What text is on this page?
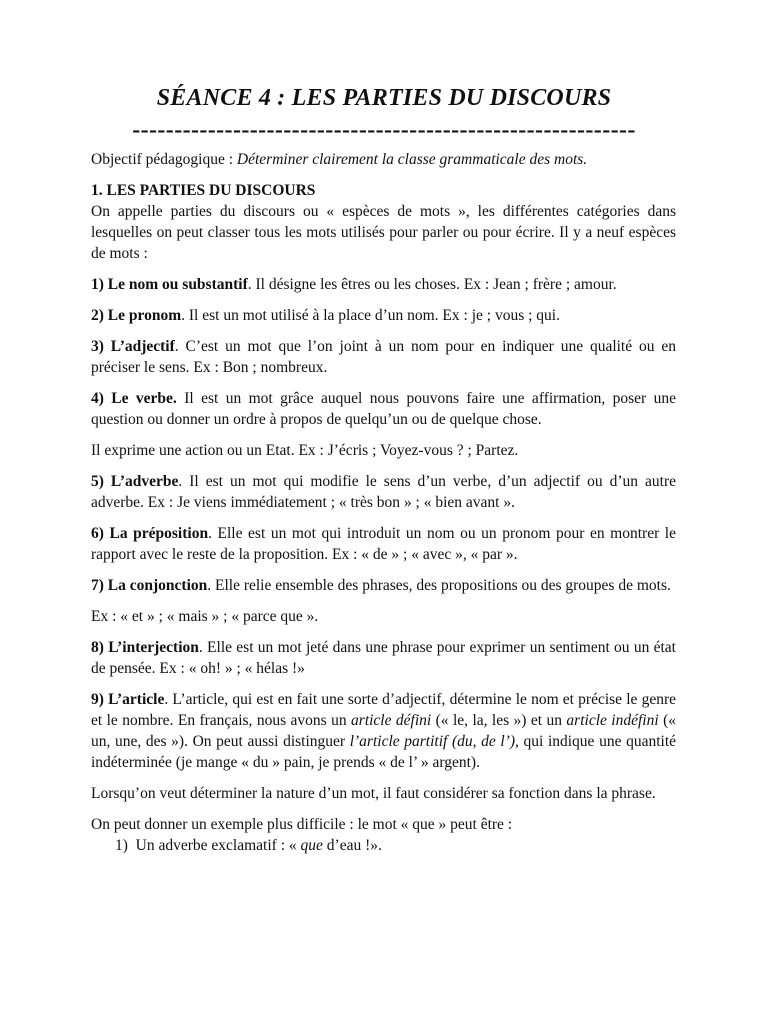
SÉANCE 4 : LES PARTIES DU DISCOURS
------------------------------------------------------------

Objectif pédagogique : Déterminer clairement la classe grammaticale des mots.

1. LES PARTIES DU DISCOURS

On appelle parties du discours ou « espèces de mots », les différentes catégories dans lesquelles on peut classer tous les mots utilisés pour parler ou pour écrire. Il y a neuf espèces de mots :

1) Le nom ou substantif. Il désigne les êtres ou les choses. Ex : Jean ; frère ; amour.

2) Le pronom. Il est un mot utilisé à la place d’un nom. Ex : je ; vous ; qui.

3) L’adjectif. C’est un mot que l’on joint à un nom pour en indiquer une qualité ou en préciser le sens. Ex : Bon ; nombreux.

4) Le verbe. Il est un mot grâce auquel nous pouvons faire une affirmation, poser une question ou donner un ordre à propos de quelqu’un ou de quelque chose.

Il exprime une action ou un Etat. Ex : J’écris ; Voyez-vous ? ; Partez.

5) L’adverbe. Il est un mot qui modifie le sens d’un verbe, d’un adjectif ou d’un autre adverbe. Ex : Je viens immédiatement ; « très bon » ; « bien avant ».

6) La préposition. Elle est un mot qui introduit un nom ou un pronom pour en montrer le rapport avec le reste de la proposition. Ex : « de » ; « avec », « par ».

7) La conjonction. Elle relie ensemble des phrases, des propositions ou des groupes de mots.

Ex : « et » ; « mais » ; « parce que ».

8) L’interjection. Elle est un mot jeté dans une phrase pour exprimer un sentiment ou un état de pensée. Ex : « oh! » ; « hélas !»

9) L’article. L’article, qui est en fait une sorte d’adjectif, détermine le nom et précise le genre et le nombre. En français, nous avons un article défini (« le, la, les ») et un article indéfini (« un, une, des »). On peut aussi distinguer l’article partitif (du, de l’), qui indique une quantité indéterminée (je mange « du » pain, je prends « de l’ » argent).

Lorsqu’on veut déterminer la nature d’un mot, il faut considérer sa fonction dans la phrase.

On peut donner un exemple plus difficile : le mot « que » peut être :

1)  Un adverbe exclamatif : « que d’eau !».
